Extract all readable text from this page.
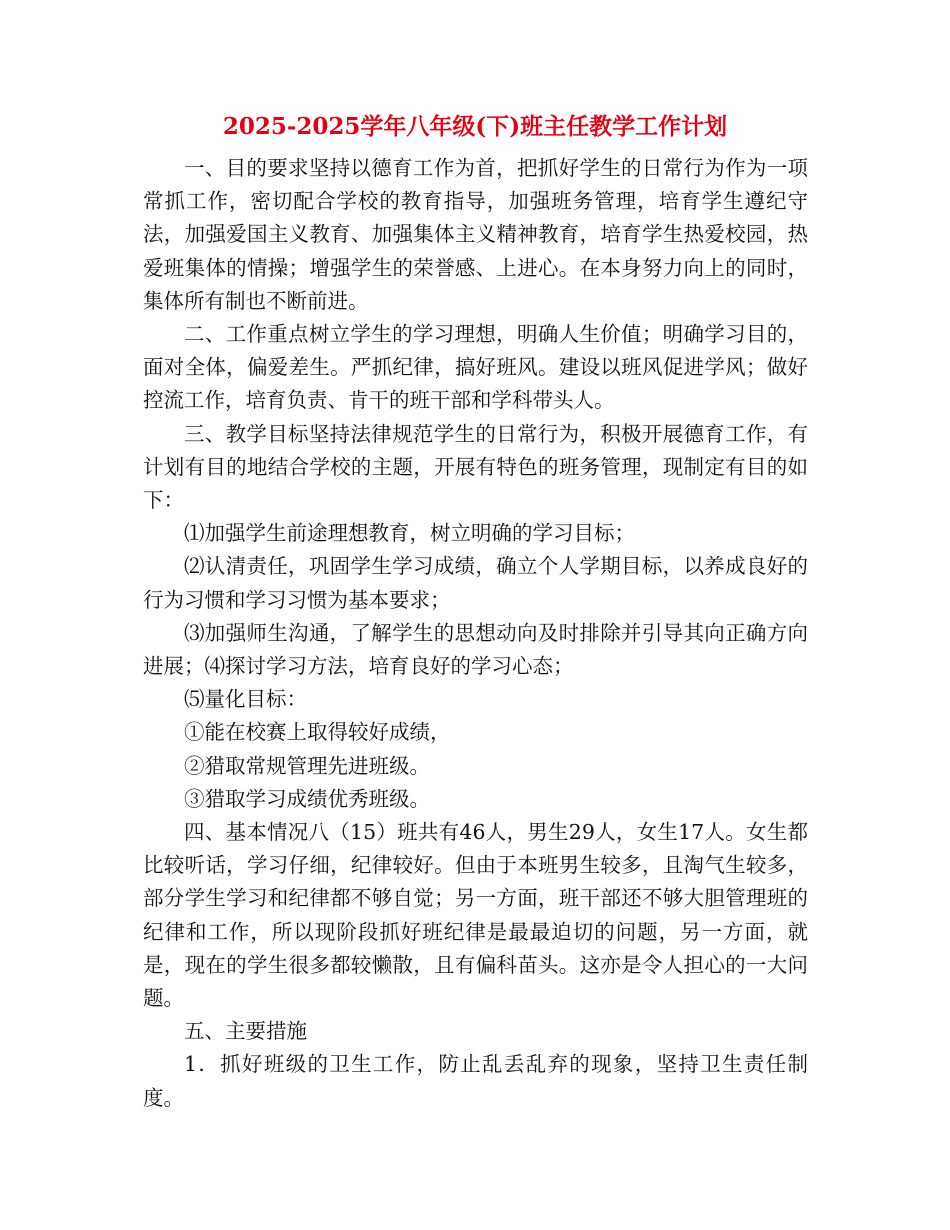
2025-2025学年八年级(下)班主任教学工作计划

一、目的要求坚持以德育工作为首，把抓好学生的日常行为作为一项常抓工作，密切配合学校的教育指导，加强班务管理，培育学生遵纪守法，加强爱国主义教育、加强集体主义精神教育，培育学生热爱校园，热爱班集体的情操；增强学生的荣誉感、上进心。在本身努力向上的同时，集体所有制也不断前进。

二、工作重点树立学生的学习理想，明确人生价值；明确学习目的，面对全体，偏爱差生。严抓纪律，搞好班风。建设以班风促进学风；做好控流工作，培育负责、肯干的班干部和学科带头人。

三、教学目标坚持法律规范学生的日常行为，积极开展德育工作，有计划有目的地结合学校的主题，开展有特色的班务管理，现制定有目的如下：

⑴加强学生前途理想教育，树立明确的学习目标；

⑵认清责任，巩固学生学习成绩，确立个人学期目标，以养成良好的行为习惯和学习习惯为基本要求；

⑶加强师生沟通，了解学生的思想动向及时排除并引导其向正确方向进展；⑷探讨学习方法，培育良好的学习心态；

⑸量化目标：

①能在校赛上取得较好成绩，

②猎取常规管理先进班级。

③猎取学习成绩优秀班级。

四、基本情况八（15）班共有46人，男生29人，女生17人。女生都比较听话，学习仔细，纪律较好。但由于本班男生较多，且淘气生较多，部分学生学习和纪律都不够自觉；另一方面，班干部还不够大胆管理班的纪律和工作，所以现阶段抓好班纪律是最最迫切的问题，另一方面，就是，现在的学生很多都较懒散，且有偏科苗头。这亦是令人担心的一大问题。

五、主要措施

1．抓好班级的卫生工作，防止乱丢乱弃的现象，坚持卫生责任制度。
